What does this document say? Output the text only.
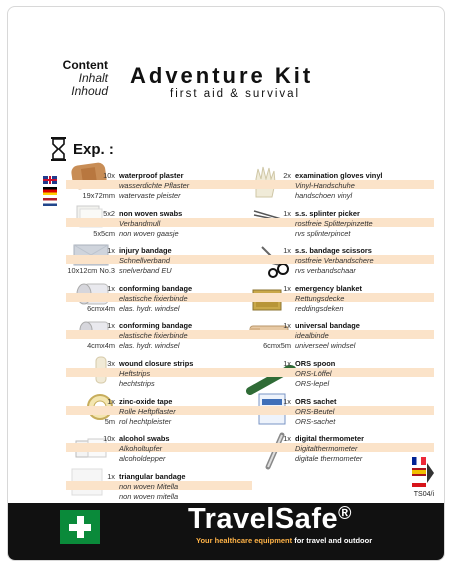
Content
Inhalt
Inhoud
Adventure Kit
first aid & survival
Exp. :
10x waterproof plaster
wasserdichte Pflaster
watervaste pleister
19x72mm
5x2 non woven swabs
Verbandmull
non woven gaasje
5x5cm
1x injury bandage
Schnellverband
snelverband EU
10x12cm No.3
1x conforming bandage
elastische fixierbinde
elas. hydr. windsel
6cmx4m
1x conforming bandage
elastische fixierbinde
elas. hydr. windsel
4cmx4m
3x wound closure strips
Heftstrips
hechtstrips
1x zinc-oxide tape
Rolle Heftpflaster
rol hechtpleister
5m
10x alcohol swabs
Alkoholtupfer
alcoholdepper
1x triangular bandage
non woven Mitella
non woven mitella
2x examination gloves vinyl
Vinyl-Handschuhe
handschoen vinyl
1x s.s. splinter picker
rostfreie Splitterpinzette
rvs splinterpincet
1x s.s. bandage scissors
rostfreie Verbandschere
rvs verbandschaar
1x emergency blanket
Rettungsdecke
reddingsdeken
1x universal bandage
idealbinde
universeel windsel
6cmx5m
1x ORS spoon
ORS-Löffel
ORS-lepel
1x ORS sachet
ORS-Beutel
ORS-sachet
1x digital thermometer
Digitalthermometer
digitale thermometer
TS04/i
TravelSafe®
Your healthcare equipment for travel and outdoor
